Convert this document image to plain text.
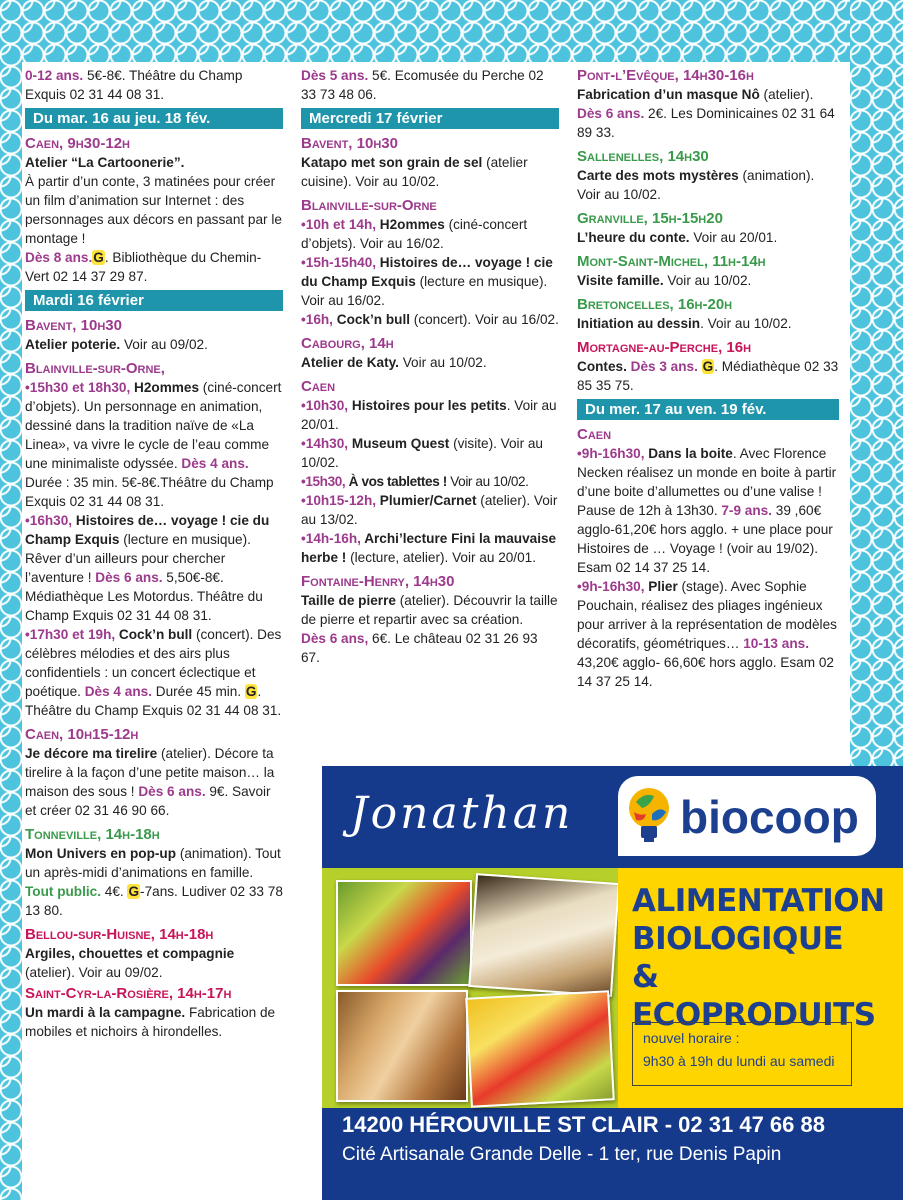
0-12 ans. 5€-8€. Théâtre du Champ Exquis 02 31 44 08 31.

Du mar. 16 au jeu. 18 fév.
Caen, 9h30-12h

Atelier “La Cartoonerie”.
À partir d’un conte, 3 matinées pour créer un film d’animation sur Internet : des personnages aux décors en passant par le montage !
Dès 8 ans.G. Bibliothèque du Chemin-Vert 02 14 37 29 87.

Mardi 16 février
Bavent, 10h30

Atelier poterie. Voir au 09/02.

Blainville-sur-Orne,

•15h30 et 18h30, H2ommes (ciné-concert d’objets). Un personnage en animation, dessiné dans la tradition naïve de «La Linea», va vivre le cycle de l’eau comme une minimaliste odyssée. Dès 4 ans. Durée : 35 min. 5€-8€.Théâtre du Champ Exquis 02 31 44 08 31.

•16h30, Histoires de… voyage ! cie du Champ Exquis (lecture en musique). Rêver d’un ailleurs pour chercher l’aventure ! Dès 6 ans. 5,50€-8€. Médiathèque Les Motordus. Théâtre du Champ Exquis 02 31 44 08 31.

•17h30 et 19h, Cock’n bull (concert). Des célèbres mélodies et des airs plus confidentiels : un concert éclectique et poétique. Dès 4 ans. Durée 45 min. G. Théâtre du Champ Exquis 02 31 44 08 31.

Caen, 10h15-12h

Je décore ma tirelire (atelier). Décore ta tirelire à la façon d’une petite maison… la maison des sous ! Dès 6 ans. 9€. Savoir et créer 02 31 46 90 66.

Tonneville, 14h-18h

Mon Univers en pop-up (animation). Tout un après-midi d’animations en famille. Tout public. 4€. G-7ans. Ludiver 02 33 78 13 80.

Bellou-sur-Huisne, 14h-18h

Argiles, chouettes et compagnie (atelier). Voir au 09/02.

Saint-Cyr-la-Rosière, 14h-17h

Un mardi à la campagne. Fabrication de mobiles et nichoirs à hirondelles.

Dès 5 ans. 5€. Ecomusée du Perche 02 33 73 48 06.

Mercredi 17 février
Bavent, 10h30

Katapo met son grain de sel (atelier cuisine). Voir au 10/02.

Blainville-sur-Orne

•10h et 14h, H2ommes (ciné-concert d’objets). Voir au 16/02.

•15h-15h40, Histoires de… voyage ! cie du Champ Exquis (lecture en musique). Voir au 16/02.

•16h, Cock’n bull (concert). Voir au 16/02.

Cabourg, 14h

Atelier de Katy. Voir au 10/02.

Caen

•10h30, Histoires pour les petits. Voir au 20/01.

•14h30, Museum Quest (visite). Voir au 10/02.

•15h30, À vos tablettes ! Voir au 10/02.

•10h15-12h, Plumier/Carnet (atelier). Voir au 13/02.

•14h-16h, Archi’lecture Fini la mauvaise herbe ! (lecture, atelier). Voir au 20/01.

Fontaine-Henry, 14h30

Taille de pierre (atelier). Découvrir la taille de pierre et repartir avec sa création.
Dès 6 ans, 6€. Le château 02 31 26 93 67.

Pont-l’Evêque, 14h30-16h

Fabrication d’un masque Nô (atelier). Dès 6 ans. 2€. Les Dominicaines 02 31 64 89 33.

Sallenelles, 14h30

Carte des mots mystères (animation). Voir au 10/02.

Granville, 15h-15h20

L’heure du conte. Voir au 20/01.

Mont-Saint-Michel, 11h-14h

Visite famille. Voir au 10/02.

Bretoncelles, 16h-20h

Initiation au dessin. Voir au 10/02.

Mortagne-au-Perche, 16h

Contes. Dès 3 ans. G. Médiathèque 02 33 85 35 75.

Du mer. 17 au ven. 19 fév.
Caen

•9h-16h30, Dans la boite. Avec Florence Necken réalisez un monde en boite à partir d’une boite d’allumettes ou d’une valise ! Pause de 12h à 13h30. 7-9 ans. 39 ,60€ agglo-61,20€ hors agglo. + une place pour Histoires de … Voyage ! (voir au 19/02). Esam 02 14 37 25 14.

•9h-16h30, Plier (stage). Avec Sophie Pouchain, réalisez des pliages ingénieux pour arriver à la représentation de modèles décoratifs, géométriques… 10-13 ans. 43,20€ agglo- 66,60€ hors agglo. Esam 02 14 37 25 14.

Jonathan biocoop
ALIMENTATION
BIOLOGIQUE
& ECOPRODUITS
nouvel horaire :
9h30 à 19h du lundi au samedi
14200 HÉROUVILLE ST CLAIR - 02 31 47 66 88
Cité Artisanale Grande Delle - 1 ter, rue Denis Papin
